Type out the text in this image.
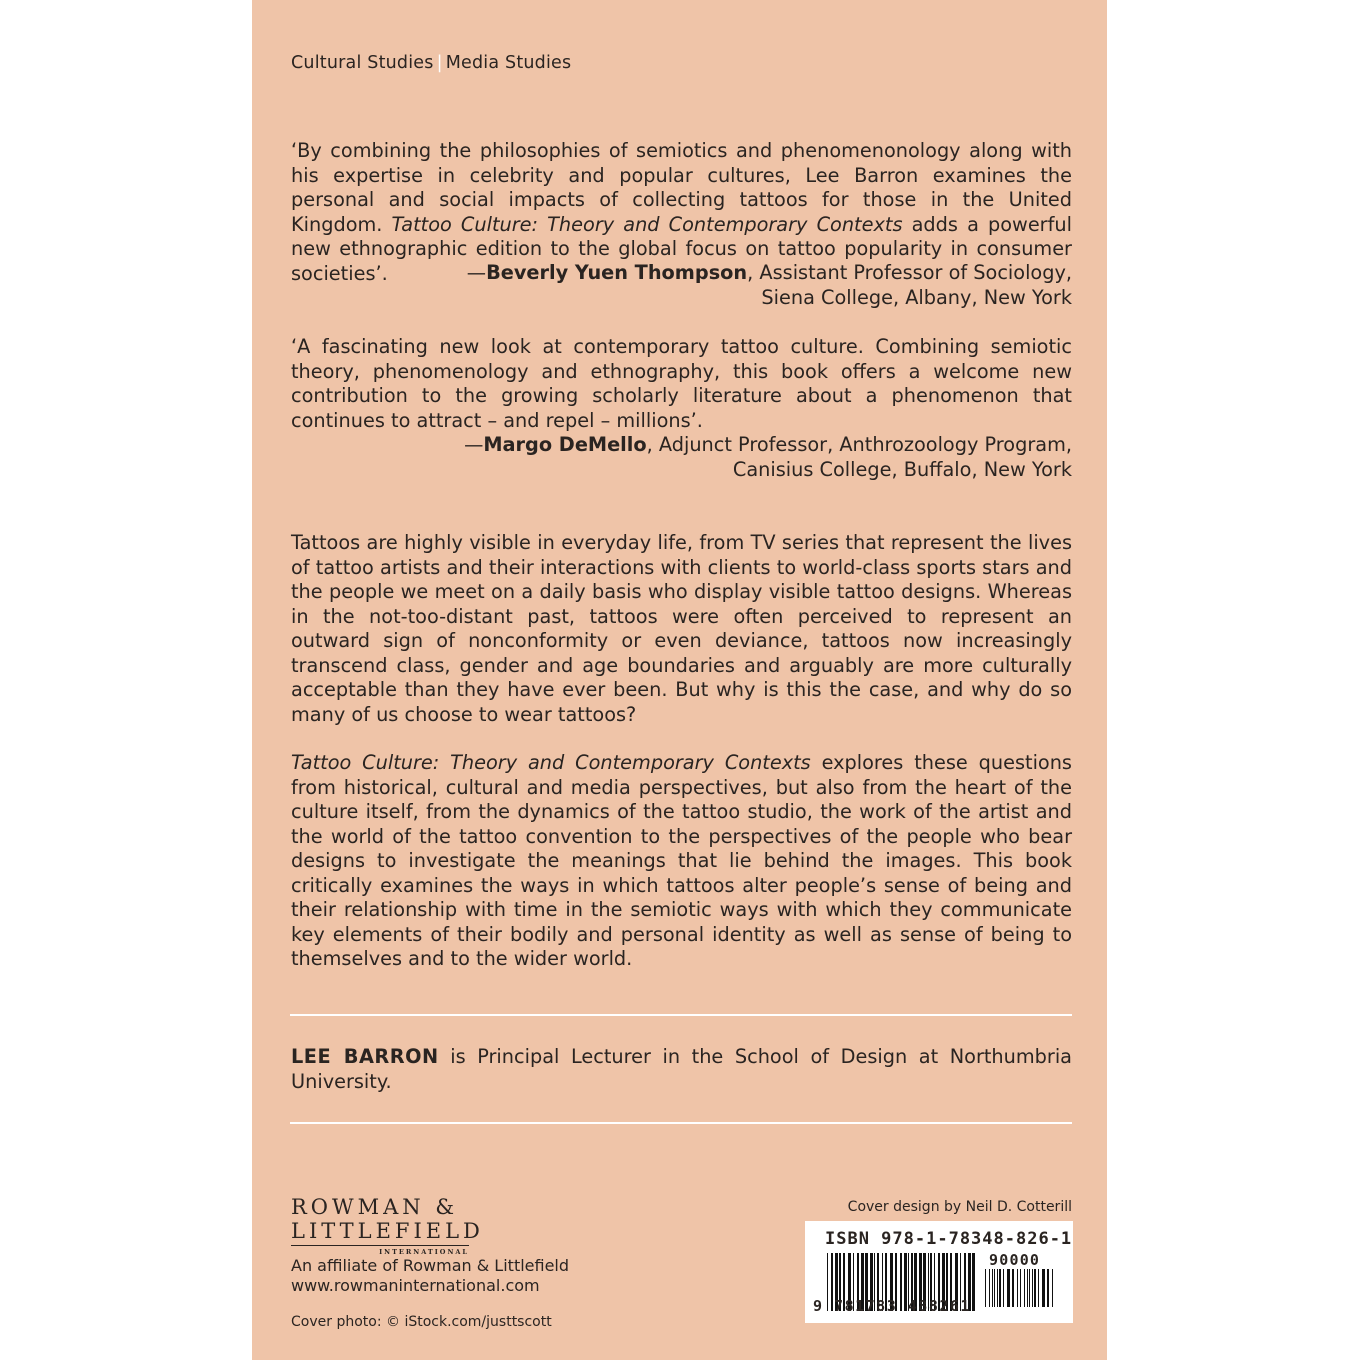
Cultural Studies | Media Studies
‘By combining the philosophies of semiotics and phenomenonology along with his expertise in celebrity and popular cultures, Lee Barron examines the personal and social impacts of collecting tattoos for those in the United Kingdom. Tattoo Culture: Theory and Contemporary Contexts adds a powerful new ethnographic edition to the global focus on tattoo popularity in consumer societies’.	—Beverly Yuen Thompson, Assistant Professor of Sociology,
Siena College, Albany, New York
‘A fascinating new look at contemporary tattoo culture. Combining semiotic theory, phenomenology and ethnography, this book offers a welcome new contribution to the growing scholarly literature about a phenomenon that continues to attract – and repel – millions’.
—Margo DeMello, Adjunct Professor, Anthrozoology Program,
Canisius College, Buffalo, New York
Tattoos are highly visible in everyday life, from TV series that represent the lives of tattoo artists and their interactions with clients to world-class sports stars and the people we meet on a daily basis who display visible tattoo designs. Whereas in the not-too-distant past, tattoos were often perceived to represent an outward sign of nonconformity or even deviance, tattoos now increasingly transcend class, gender and age boundaries and arguably are more culturally acceptable than they have ever been. But why is this the case, and why do so many of us choose to wear tattoos?
Tattoo Culture: Theory and Contemporary Contexts explores these questions from historical, cultural and media perspectives, but also from the heart of the culture itself, from the dynamics of the tattoo studio, the work of the artist and the world of the tattoo convention to the perspectives of the people who bear designs to investigate the meanings that lie behind the images. This book critically examines the ways in which tattoos alter people’s sense of being and their relationship with time in the semiotic ways with which they communicate key elements of their bodily and personal identity as well as sense of being to themselves and to the wider world.
LEE BARRON is Principal Lecturer in the School of Design at Northumbria University.
ROWMAN &
LITTLEFIELD
INTERNATIONAL
An affiliate of Rowman & Littlefield
www.rowmaninternational.com
Cover photo: © iStock.com/justtscott
Cover design by Neil D. Cotterill
ISBN 978-1-78348-826-1
9 781783 488261
90000
